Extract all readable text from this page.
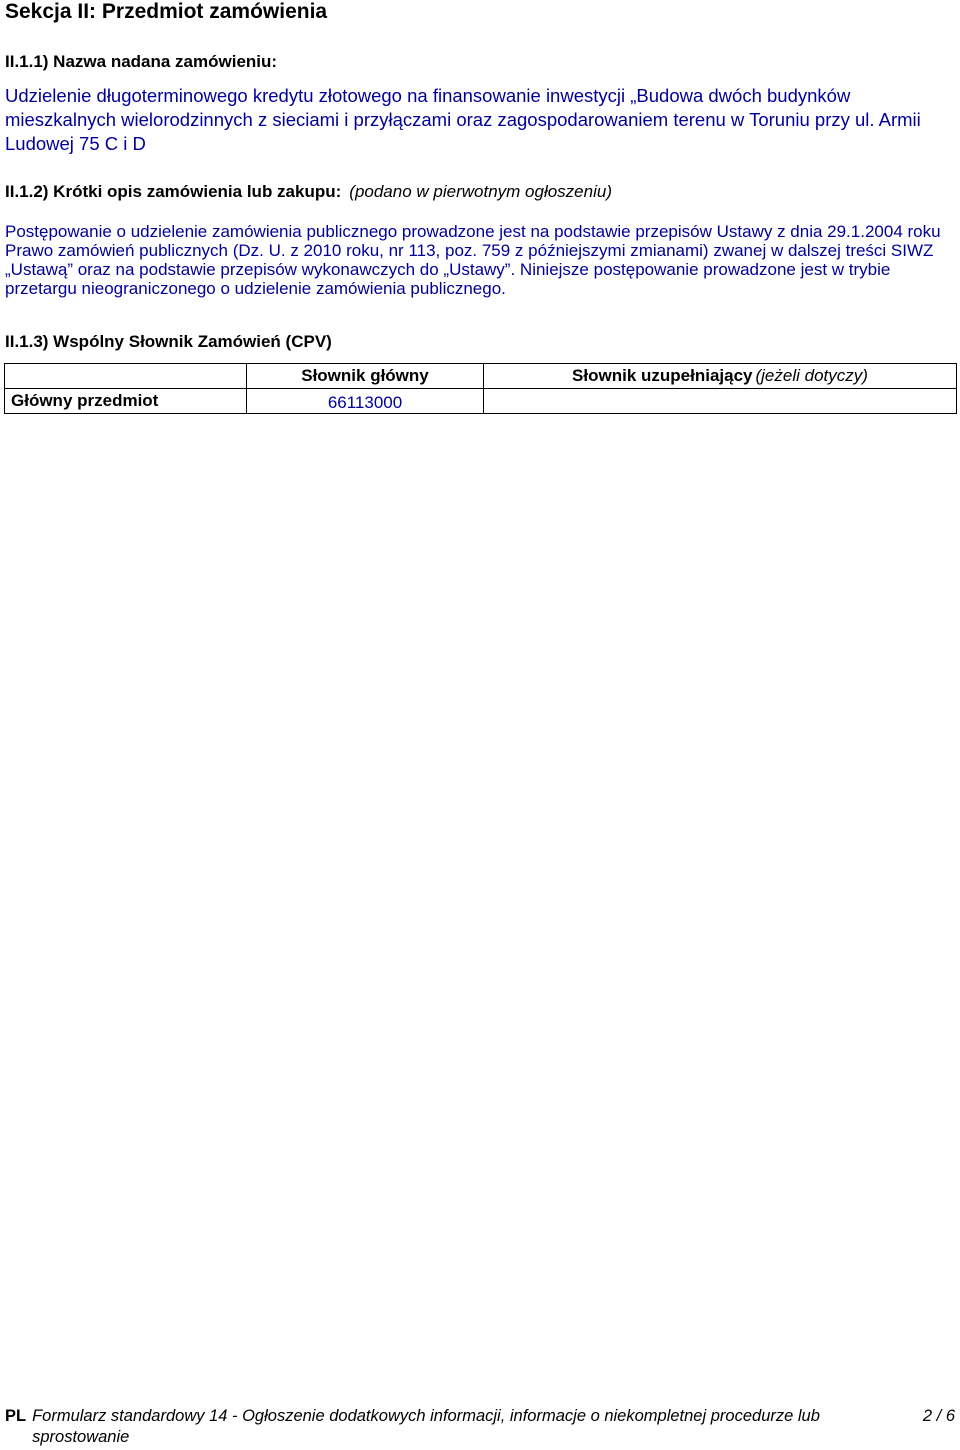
Sekcja II: Przedmiot zamówienia
II.1.1) Nazwa nadana zamówieniu:

Udzielenie długoterminowego kredytu złotowego na finansowanie inwestycji „Budowa dwóch budynków mieszkalnych wielorodzinnych z sieciami i przyłączami oraz zagospodarowaniem terenu w Toruniu przy ul. Armii Ludowej 75 C i D

II.1.2) Krótki opis zamówienia lub zakupu: (podano w pierwotnym ogłoszeniu)

Postępowanie o udzielenie zamówienia publicznego prowadzone jest na podstawie przepisów Ustawy z dnia 29.1.2004 roku Prawo zamówień publicznych (Dz. U. z 2010 roku, nr 113, poz. 759 z późniejszymi zmianami) zwanej w dalszej treści SIWZ „Ustawą” oraz na podstawie przepisów wykonawczych do „Ustawy”. Niniejsze postępowanie prowadzone jest w trybie przetargu nieograniczonego o udzielenie zamówienia publicznego.

II.1.3) Wspólny Słownik Zamówień (CPV)
	Słownik główny	Słownik uzupełniający (jeżeli dotyczy)
Główny przedmiot	66113000	
PL Formularz standardowy 14 - Ogłoszenie dodatkowych informacji, informacje o niekompletnej procedurze lub sprostowanie
2 / 6
